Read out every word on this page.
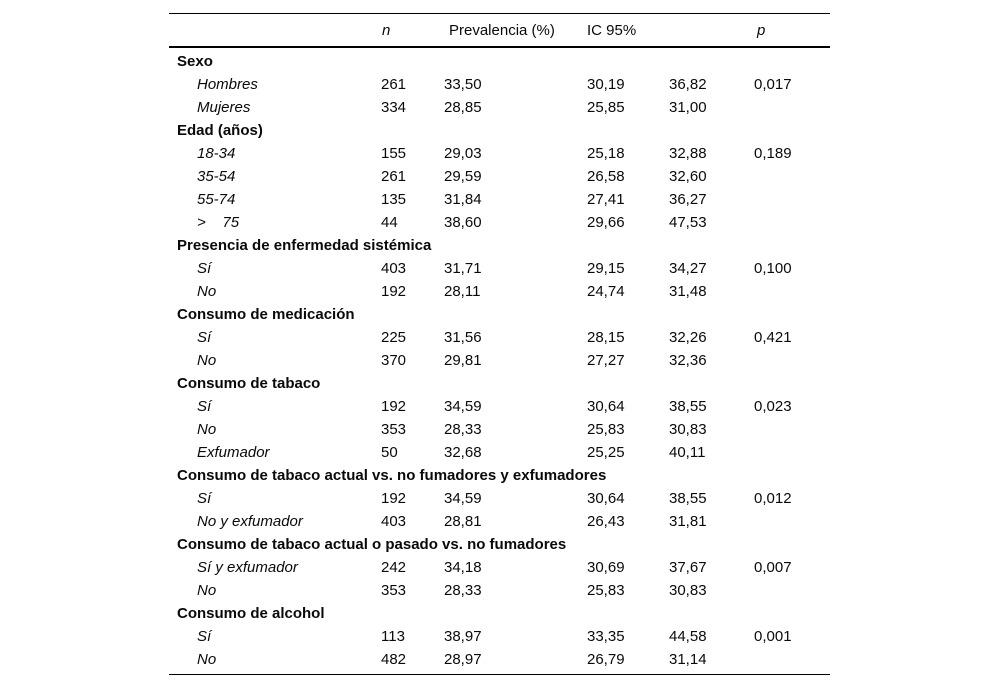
n	Prevalencia (%)	IC 95%	p
Sexo
Hombres	261	33,50	30,19	36,82	0,017
Mujeres	334	28,85	25,85	31,00
Edad (años)
18-34	155	29,03	25,18	32,88	0,189
35-54	261	29,59	26,58	32,60
55-74	135	31,84	27,41	36,27
>    75	44	38,60	29,66	47,53
Presencia de enfermedad sistémica
Sí	403	31,71	29,15	34,27	0,100
No	192	28,11	24,74	31,48
Consumo de medicación
Sí	225	31,56	28,15	32,26	0,421
No	370	29,81	27,27	32,36
Consumo de tabaco
Sí	192	34,59	30,64	38,55	0,023
No	353	28,33	25,83	30,83
Exfumador	50	32,68	25,25	40,11
Consumo de tabaco actual vs. no fumadores y exfumadores
Sí	192	34,59	30,64	38,55	0,012
No y exfumador	403	28,81	26,43	31,81
Consumo de tabaco actual o pasado vs. no fumadores
Sí y exfumador	242	34,18	30,69	37,67	0,007
No	353	28,33	25,83	30,83
Consumo de alcohol
Sí	113	38,97	33,35	44,58	0,001
No	482	28,97	26,79	31,14
